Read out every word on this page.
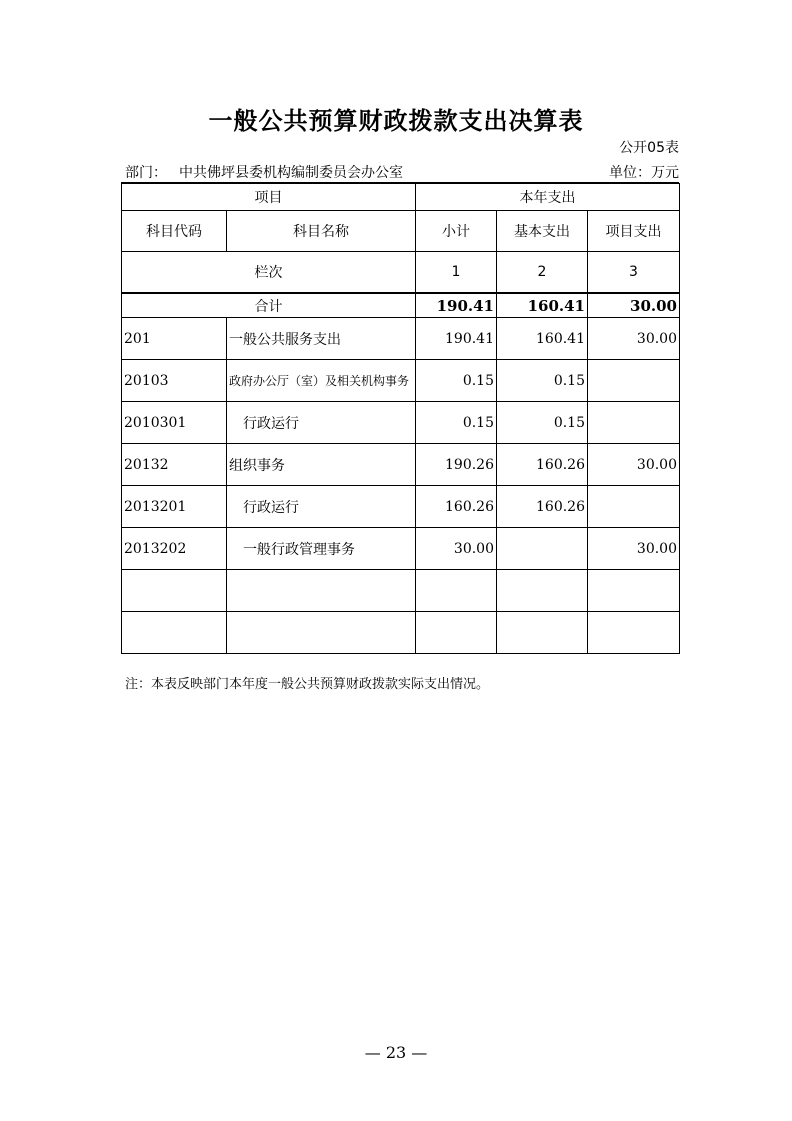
一般公共预算财政拨款支出决算表
公开05表
部门： 中共佛坪县委机构编制委员会办公室	单位：万元
项目		本年支出		
科目代码	科目名称	小计	基本支出	项目支出
栏次		1	2	3
合计		190.41	160.41	30.00
201	一般公共服务支出	190.41	160.41	30.00
20103	政府办公厅（室）及相关机构事务	0.15	0.15	
2010301	行政运行	0.15	0.15	
20132	组织事务	190.26	160.26	30.00
2013201	行政运行	160.26	160.26	
2013202	一般行政管理事务	30.00		30.00

注：本表反映部门本年度一般公共预算财政拨款实际支出情况。
— 23 —
